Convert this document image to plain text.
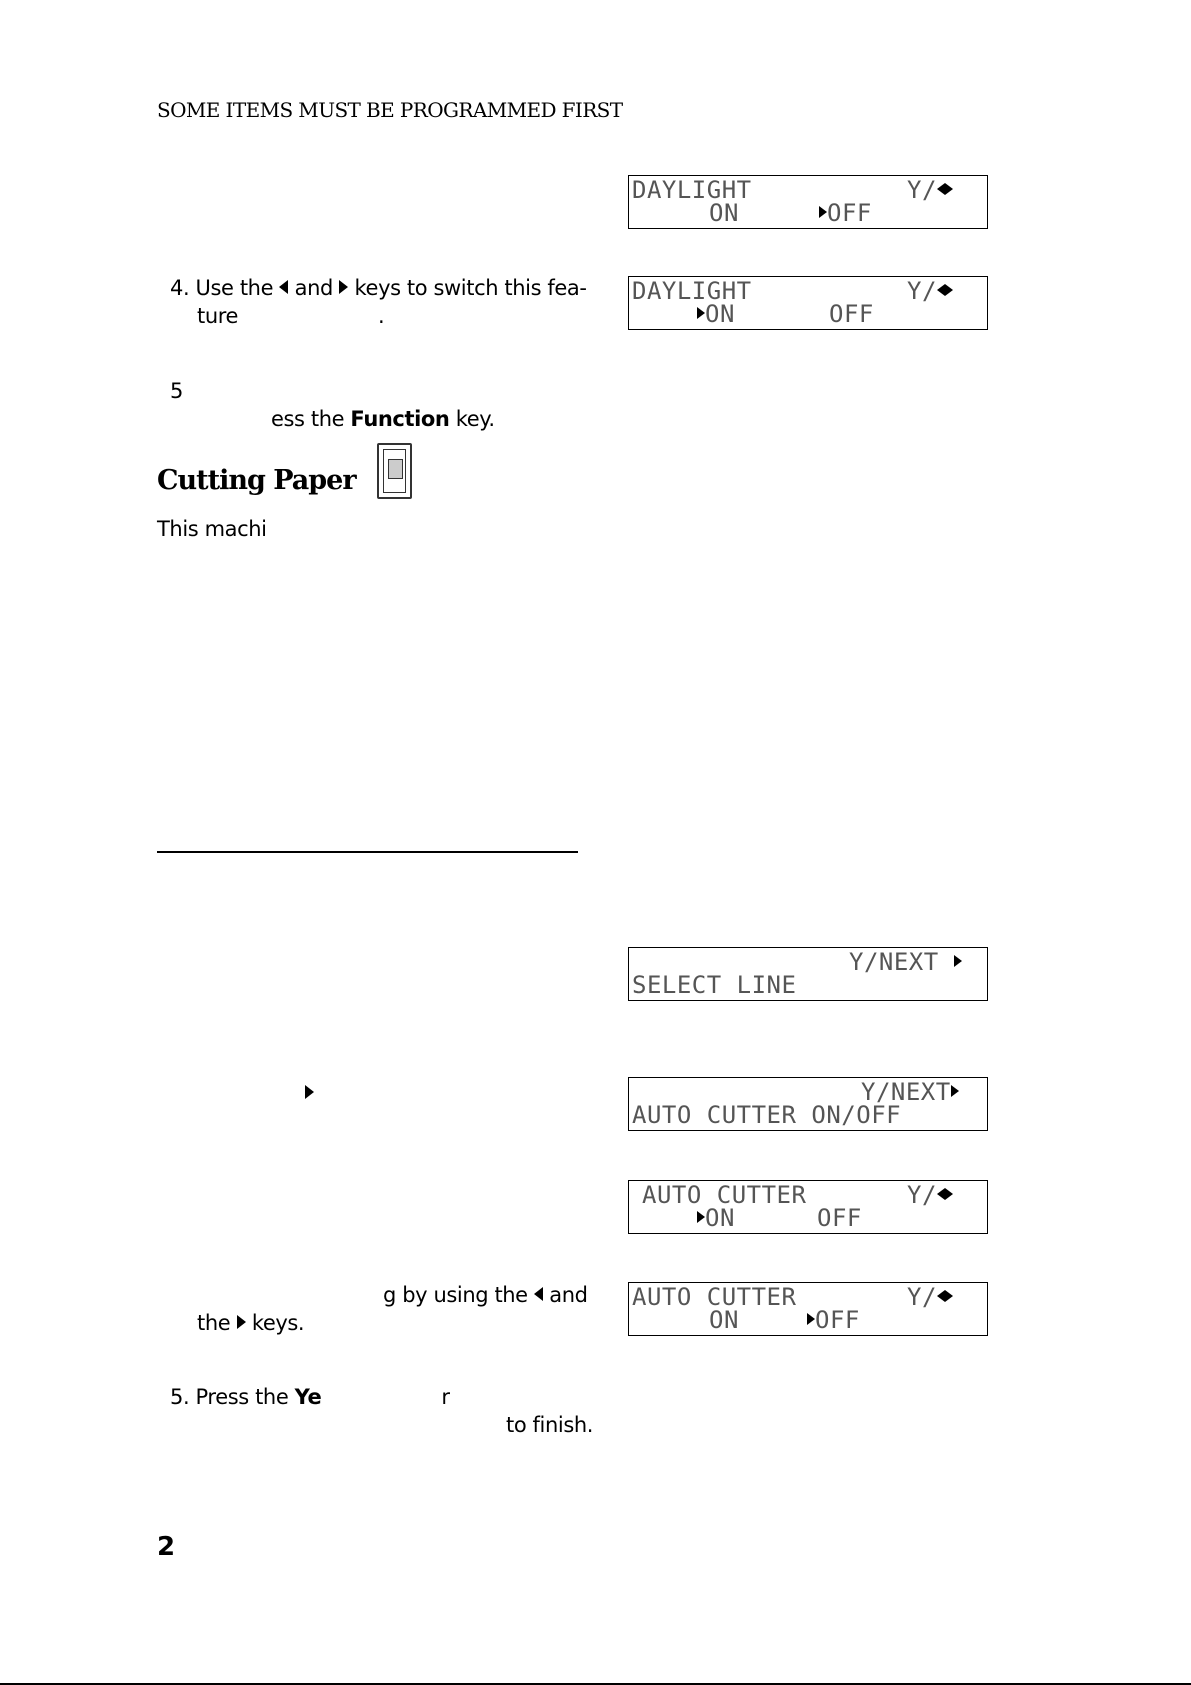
SOME ITEMS MUST BE PROGRAMMED FIRST
DAYLIGHT	Y/
ON	OFF
DAYLIGHT	Y/
ON	OFF
4. Use the and keys to switch this fea-
ture	.
5
ess the Function key.
Cutting Paper
This machi
Y/NEXT
SELECT LINE
Y/NEXT
AUTO CUTTER ON/OFF
AUTO CUTTER	Y/
ON	OFF
AUTO CUTTER	Y/
ON	OFF
g by using the and
the keys.
5. Press the Ye	r
to finish.
2
